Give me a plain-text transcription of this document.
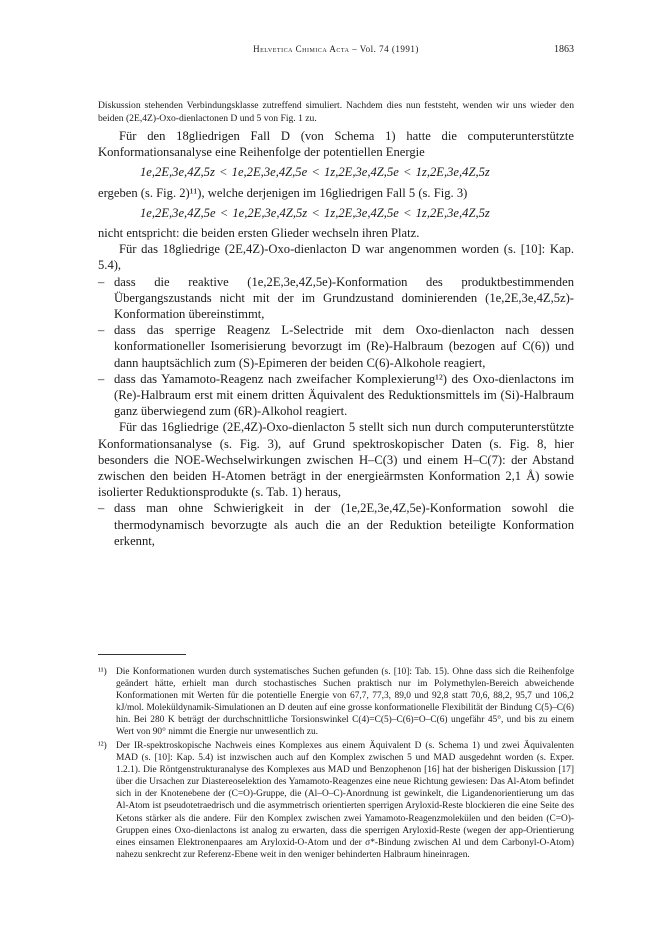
Helvetica Chimica Acta – Vol. 74 (1991)	1863
Diskussion stehenden Verbindungsklasse zutreffend simuliert. Nachdem dies nun feststeht, wenden wir uns wieder den beiden (2E,4Z)-Oxo-dienlactonen D und 5 von Fig. 1 zu.

Für den 18gliedrigen Fall D (von Schema 1) hatte die computerunterstützte Konformationsanalyse eine Reihenfolge der potentiellen Energie

1e,2E,3e,4Z,5z < 1e,2E,3e,4Z,5e < 1z,2E,3e,4Z,5e < 1z,2E,3e,4Z,5z

ergeben (s. Fig. 2)¹¹), welche derjenigen im 16gliedrigen Fall 5 (s. Fig. 3)

1e,2E,3e,4Z,5e < 1e,2E,3e,4Z,5z < 1z,2E,3e,4Z,5e < 1z,2E,3e,4Z,5z

nicht entspricht: die beiden ersten Glieder wechseln ihren Platz.

Für das 18gliedrige (2E,4Z)-Oxo-dienlacton D war angenommen worden (s. [10]: Kap. 5.4),

– dass die reaktive (1e,2E,3e,4Z,5e)-Konformation des produktbestimmenden Übergangszustands nicht mit der im Grundzustand dominierenden (1e,2E,3e,4Z,5z)-Konformation übereinstimmt,
– dass das sperrige Reagenz L-Selectride mit dem Oxo-dienlacton nach dessen konformationeller Isomerisierung bevorzugt im (Re)-Halbraum (bezogen auf C(6)) und dann hauptsächlich zum (S)-Epimeren der beiden C(6)-Alkohole reagiert,
– dass das Yamamoto-Reagenz nach zweifacher Komplexierung¹²) des Oxo-dienlactons im (Re)-Halbraum erst mit einem dritten Äquivalent des Reduktionsmittels im (Si)-Halbraum ganz überwiegend zum (6R)-Alkohol reagiert.

Für das 16gliedrige (2E,4Z)-Oxo-dienlacton 5 stellt sich nun durch computerunterstützte Konformationsanalyse (s. Fig. 3), auf Grund spektroskopischer Daten (s. Fig. 8, hier besonders die NOE-Wechselwirkungen zwischen H–C(3) und einem H–C(7): der Abstand zwischen den beiden H-Atomen beträgt in der energieärmsten Konformation 2,1 Å) sowie isolierter Reduktionsprodukte (s. Tab. 1) heraus,

– dass man ohne Schwierigkeit in der (1e,2E,3e,4Z,5e)-Konformation sowohl die thermodynamisch bevorzugte als auch die an der Reduktion beteiligte Konformation erkennt,
¹¹) Die Konformationen wurden durch systematisches Suchen gefunden (s. [10]: Tab. 15). Ohne dass sich die Reihenfolge geändert hätte, erhielt man durch stochastisches Suchen praktisch nur im Polymethylen-Bereich abweichende Konformationen mit Werten für die potentielle Energie von 67,7, 77,3, 89,0 und 92,8 statt 70,6, 88,2, 95,7 und 106,2 kJ/mol. Moleküldynamik-Simulationen an D deuten auf eine grosse konformationelle Flexibilität der Bindung C(5)–C(6) hin. Bei 280 K beträgt der durchschnittliche Torsionswinkel C(4)=C(5)–C(6)=O–C(6) ungefähr 45°, und bis zu einem Wert von 90° nimmt die Energie nur unwesentlich zu.
¹²) Der IR-spektroskopische Nachweis eines Komplexes aus einem Äquivalent D (s. Schema 1) und zwei Äquivalenten MAD (s. [10]: Kap. 5.4) ist inzwischen auch auf den Komplex zwischen 5 und MAD ausgedehnt worden (s. Exper. 1.2.1). Die Röntgenstrukturanalyse des Komplexes aus MAD und Benzophenon [16] hat der bisherigen Diskussion [17] über die Ursachen zur Diastereoselektion des Yamamoto-Reagenzes eine neue Richtung gewiesen: Das Al-Atom befindet sich in der Knotenebene der (C=O)-Gruppe, die (Al–O–C)-Anordnung ist gewinkelt, die Ligandenorientierung um das Al-Atom ist pseudotetraedrisch und die asymmetrisch orientierten sperrigen Aryloxid-Reste blockieren die eine Seite des Ketons stärker als die andere. Für den Komplex zwischen zwei Yamamoto-Reagenzmolekülen und den beiden (C=O)-Gruppen eines Oxo-dienlactons ist analog zu erwarten, dass die sperrigen Aryloxid-Reste (wegen der app-Orientierung eines einsamen Elektronenpaares am Aryloxid-O-Atom und der σ*-Bindung zwischen Al und dem Carbonyl-O-Atom) nahezu senkrecht zur Referenz-Ebene weit in den weniger behinderten Halbraum hineinragen.
